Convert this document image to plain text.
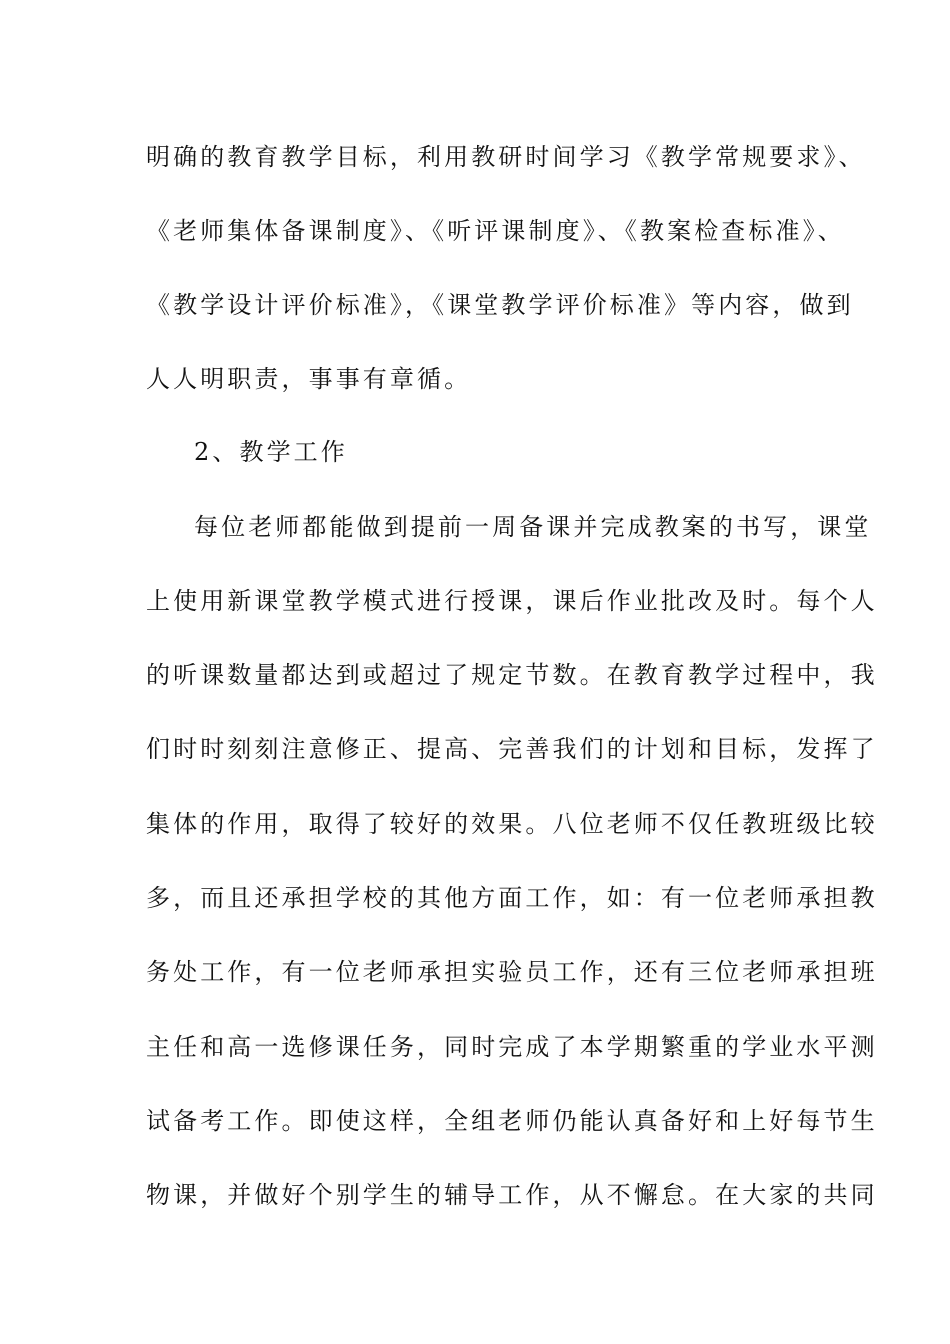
明确的教育教学目标，利用教研时间学习《教学常规要求》、
《老师集体备课制度》、《听评课制度》、《教案检查标准》、
《教学设计评价标准》，《课堂教学评价标准》等内容，做到
人人明职责，事事有章循。
2、教学工作
每位老师都能做到提前一周备课并完成教案的书写，课堂
上使用新课堂教学模式进行授课，课后作业批改及时。每个人
的听课数量都达到或超过了规定节数。在教育教学过程中，我
们时时刻刻注意修正、提高、完善我们的计划和目标，发挥了
集体的作用，取得了较好的效果。八位老师不仅任教班级比较
多，而且还承担学校的其他方面工作，如：有一位老师承担教
务处工作，有一位老师承担实验员工作，还有三位老师承担班
主任和高一选修课任务，同时完成了本学期繁重的学业水平测
试备考工作。即使这样，全组老师仍能认真备好和上好每节生
物课，并做好个别学生的辅导工作，从不懈怠。在大家的共同
